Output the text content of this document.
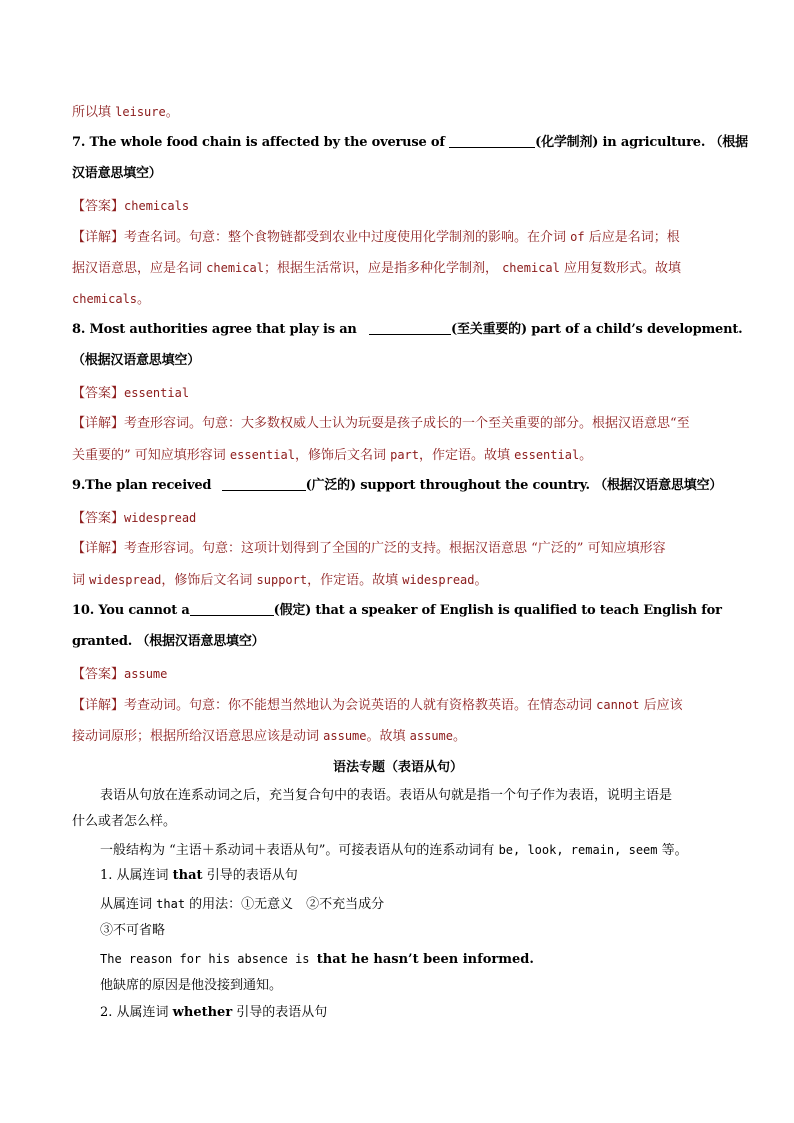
所以填 leisure。
7. The whole food chain is affected by the overuse of	(化学制剂) in agriculture. （根据
汉语意思填空）
【答案】chemicals
【详解】考查名词。句意：整个食物链都受到农业中过度使用化学制剂的影响。在介词 of 后应是名词；根
据汉语意思，应是名词 chemical；根据生活常识，应是指多种化学制剂， chemical 应用复数形式。故填
chemicals。
8. Most authorities agree that play is an	(至关重要的) part of a child’s development.
（根据汉语意思填空）
【答案】essential
【详解】考查形容词。句意：大多数权威人士认为玩耍是孩子成长的一个至关重要的部分。根据汉语意思“至
关重要的” 可知应填形容词 essential，修饰后文名词 part，作定语。故填 essential。
9.The plan received	(广泛的) support throughout the country. （根据汉语意思填空）
【答案】widespread
【详解】考查形容词。句意：这项计划得到了全国的广泛的支持。根据汉语意思 “广泛的” 可知应填形容
词 widespread，修饰后文名词 support，作定语。故填 widespread。
10. You cannot a	(假定) that a speaker of English is qualified to teach English for
granted. （根据汉语意思填空）
【答案】assume
【详解】考查动词。句意：你不能想当然地认为会说英语的人就有资格教英语。在情态动词 cannot 后应该
接动词原形；根据所给汉语意思应该是动词 assume。故填 assume。
语法专题（表语从句）
表语从句放在连系动词之后，充当复合句中的表语。表语从句就是指一个句子作为表语，说明主语是
什么或者怎么样。
一般结构为 “主语＋系动词＋表语从句”。可接表语从句的连系动词有 be, look, remain, seem 等。
1. 从属连词 that 引导的表语从句
从属连词 that 的用法：①无意义　②不充当成分
③不可省略
The reason for his absence is that he hasn’t been informed.
他缺席的原因是他没接到通知。
2. 从属连词 whether 引导的表语从句
